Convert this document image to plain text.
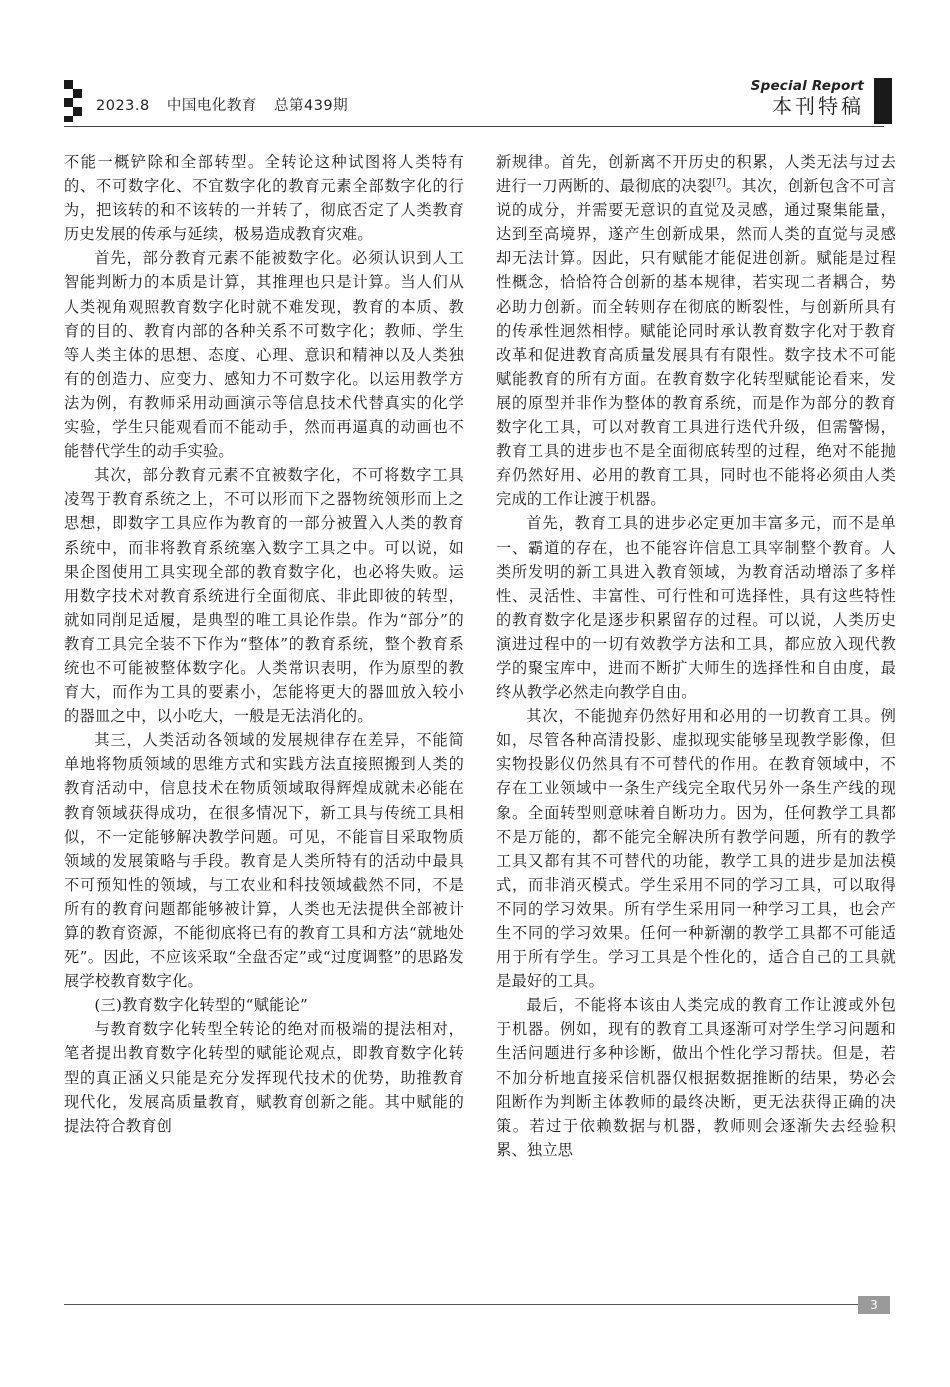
2023.8 中国电化教育 总第439期
Special Report
本刊特稿

不能一概铲除和全部转型。全转论这种试图将人类特有的、不可数字化、不宜数字化的教育元素全部数字化的行为，把该转的和不该转的一并转了，彻底否定了人类教育历史发展的传承与延续，极易造成教育灾难。

首先，部分教育元素不能被数字化。必须认识到人工智能判断力的本质是计算，其推理也只是计算。当人们从人类视角观照教育数字化时就不难发现，教育的本质、教育的目的、教育内部的各种关系不可数字化；教师、学生等人类主体的思想、态度、心理、意识和精神以及人类独有的创造力、应变力、感知力不可数字化。以运用教学方法为例，有教师采用动画演示等信息技术代替真实的化学实验，学生只能观看而不能动手，然而再逼真的动画也不能替代学生的动手实验。

其次，部分教育元素不宜被数字化，不可将数字工具凌驾于教育系统之上，不可以形而下之器物统领形而上之思想，即数字工具应作为教育的一部分被置入人类的教育系统中，而非将教育系统塞入数字工具之中。可以说，如果企图使用工具实现全部的教育数字化，也必将失败。运用数字技术对教育系统进行全面彻底、非此即彼的转型，就如同削足适履，是典型的唯工具论作祟。作为“部分”的教育工具完全装不下作为“整体”的教育系统，整个教育系统也不可能被整体数字化。人类常识表明，作为原型的教育大，而作为工具的要素小，怎能将更大的器皿放入较小的器皿之中，以小吃大，一般是无法消化的。

其三，人类活动各领域的发展规律存在差异，不能简单地将物质领域的思维方式和实践方法直接照搬到人类的教育活动中，信息技术在物质领域取得辉煌成就未必能在教育领域获得成功，在很多情况下，新工具与传统工具相似，不一定能够解决教学问题。可见，不能盲目采取物质领域的发展策略与手段。教育是人类所特有的活动中最具不可预知性的领域，与工农业和科技领域截然不同，不是所有的教育问题都能够被计算，人类也无法提供全部被计算的教育资源，不能彻底将已有的教育工具和方法“就地处死”。因此，不应该采取“全盘否定”或“过度调整”的思路发展学校教育数字化。

(三)教育数字化转型的“赋能论”

与教育数字化转型全转论的绝对而极端的提法相对，笔者提出教育数字化转型的赋能论观点，即教育数字化转型的真正涵义只能是充分发挥现代技术的优势，助推教育现代化，发展高质量教育，赋教育创新之能。其中赋能的提法符合教育创

新规律。首先，创新离不开历史的积累，人类无法与过去进行一刀两断的、最彻底的决裂[7]。其次，创新包含不可言说的成分，并需要无意识的直觉及灵感，通过聚集能量，达到至高境界，遂产生创新成果，然而人类的直觉与灵感却无法计算。因此，只有赋能才能促进创新。赋能是过程性概念，恰恰符合创新的基本规律，若实现二者耦合，势必助力创新。而全转则存在彻底的断裂性，与创新所具有的传承性迥然相悖。赋能论同时承认教育数字化对于教育改革和促进教育高质量发展具有有限性。数字技术不可能赋能教育的所有方面。在教育数字化转型赋能论看来，发展的原型并非作为整体的教育系统，而是作为部分的教育数字化工具，可以对教育工具进行迭代升级，但需警惕，教育工具的进步也不是全面彻底转型的过程，绝对不能抛弃仍然好用、必用的教育工具，同时也不能将必须由人类完成的工作让渡于机器。

首先，教育工具的进步必定更加丰富多元，而不是单一、霸道的存在，也不能容许信息工具宰制整个教育。人类所发明的新工具进入教育领域，为教育活动增添了多样性、灵活性、丰富性、可行性和可选择性，具有这些特性的教育数字化是逐步积累留存的过程。可以说，人类历史演进过程中的一切有效教学方法和工具，都应放入现代教学的聚宝库中，进而不断扩大师生的选择性和自由度，最终从教学必然走向教学自由。

其次，不能抛弃仍然好用和必用的一切教育工具。例如，尽管各种高清投影、虚拟现实能够呈现教学影像，但实物投影仪仍然具有不可替代的作用。在教育领域中，不存在工业领域中一条生产线完全取代另外一条生产线的现象。全面转型则意味着自断功力。因为，任何教学工具都不是万能的，都不能完全解决所有教学问题，所有的教学工具又都有其不可替代的功能，教学工具的进步是加法模式，而非消灭模式。学生采用不同的学习工具，可以取得不同的学习效果。所有学生采用同一种学习工具，也会产生不同的学习效果。任何一种新潮的教学工具都不可能适用于所有学生。学习工具是个性化的，适合自己的工具就是最好的工具。

最后，不能将本该由人类完成的教育工作让渡或外包于机器。例如，现有的教育工具逐渐可对学生学习问题和生活问题进行多种诊断，做出个性化学习帮扶。但是，若不加分析地直接采信机器仅根据数据推断的结果，势必会阻断作为判断主体教师的最终决断，更无法获得正确的决策。若过于依赖数据与机器，教师则会逐渐失去经验积累、独立思

3
